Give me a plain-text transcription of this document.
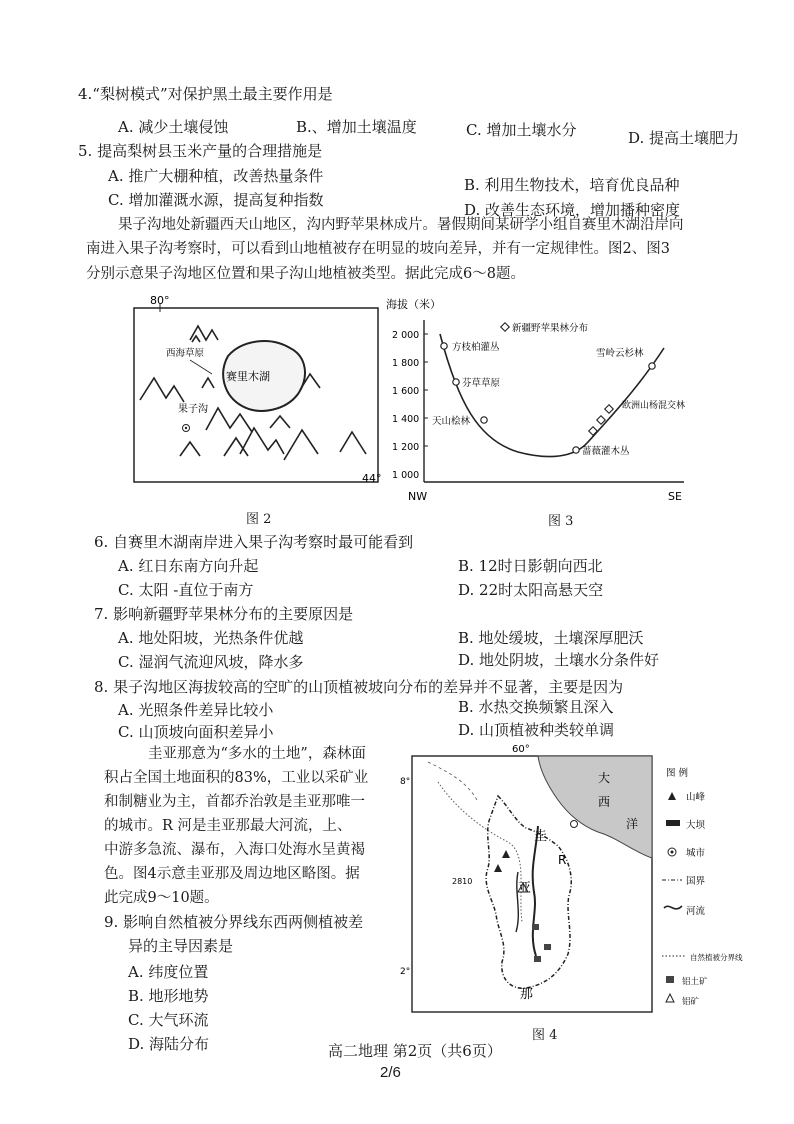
4.“梨树模式”对保护黑土最主要作用是
A. 减少土壤侵蚀	B.、增加土壤温度	C. 增加土壤水分	D. 提高土壤肥力
5. 提高梨树县玉米产量的合理措施是
A. 推广大棚种植，改善热量条件	B. 利用生物技术，培育优良品种
C. 增加灌溉水源，提高复种指数
D. 改善生态环境，增加播种密度
果子沟地处新疆西天山地区，沟内野苹果林成片。暑假期间某研学小组自赛里木湖沿岸向
南进入果子沟考察时，可以看到山地植被存在明显的坡向差异，并有一定规律性。图2、图3
分别示意果子沟地区位置和果子沟山地植被类型。据此完成6～8题。
80°
44°
赛里木湖
西海草原
果子沟
图 2
海拔（米）
2 000
1 800
1 600
1 400
1 200
1 000
新疆野苹果林分布
方枝柏灌丛
芬草草原
天山桧林
雪岭云杉林
欧洲山杨混交林
蔷薇灌木丛
NW	SE
图 3
6. 自赛里木湖南岸进入果子沟考察时最可能看到
A. 红日东南方向升起	B. 12时日影朝向西北
C. 太阳 -直位于南方	D. 22时太阳高悬天空
7. 影响新疆野苹果林分布的主要原因是
A. 地处阳坡，光热条件优越	B. 地处缓坡，土壤深厚肥沃
C. 湿润气流迎风坡，降水多	D. 地处阴坡，土壤水分条件好
8. 果子沟地区海拔较高的空旷的山顶植被坡向分布的差异并不显著，主要是因为
A. 光照条件差异比较小	B. 水热交换频繁且深入
C. 山顶坡向面积差异小	D. 山顶植被种类较单调
圭亚那意为“多水的土地”，森林面
积占全国土地面积的83%，工业以采矿业
和制糖业为主，首都乔治敦是圭亚那唯一
的城市。R 河是圭亚那最大河流，上、
中游多急流、瀑布，入海口处海水呈黄褐
色。图4示意圭亚那及周边地区略图。据
此完成9～10题。
9. 影响自然植被分界线东西两侧植被差
异的主导因素是
A. 纬度位置
B. 地形地势
C. 大气环流
D. 海陆分布
60°
8°
2°
大
西
洋
圭
亚
那
R
2810
图 例
山峰
大坝
城市
国界
河流
自然植被分界线
铝土矿
铝矿
图 4
高二地理 第2页（共6页）
2/6
